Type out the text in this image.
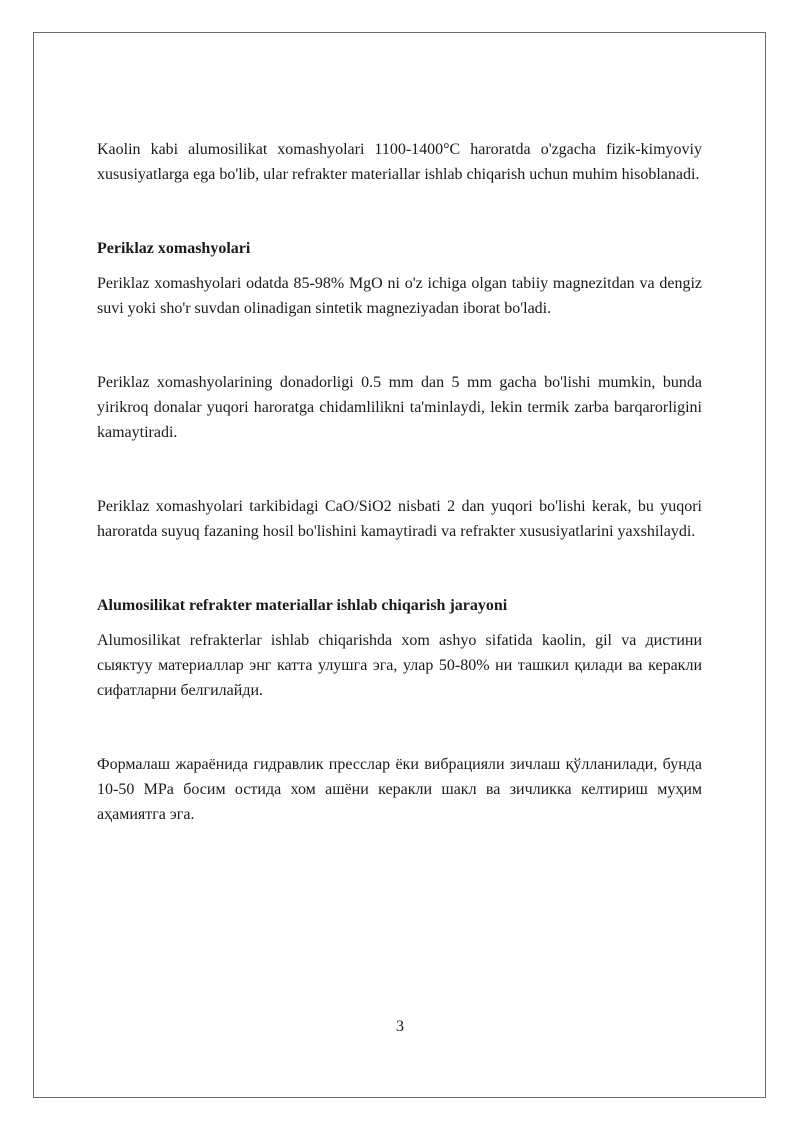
Kaolin kabi alumosilikat xomashyolari 1100-1400°C haroratda o'zgacha fizik-kimyoviy xususiyatlarga ega bo'lib, ular refrakter materiallar ishlab chiqarish uchun muhim hisoblanadi.

Periklaz xomashyolari

Periklaz xomashyolari odatda 85-98% MgO ni o'z ichiga olgan tabiiy magnezitdan va dengiz suvi yoki sho'r suvdan olinadigan sintetik magneziyadan iborat bo'ladi.

Periklaz xomashyolarining donadorligi 0.5 mm dan 5 mm gacha bo'lishi mumkin, bunda yirikroq donalar yuqori haroratga chidamlilikni ta'minlaydi, lekin termik zarba barqarorligini kamaytiradi.

Periklaz xomashyolari tarkibidagi CaO/SiO2 nisbati 2 dan yuqori bo'lishi kerak, bu yuqori haroratda suyuq fazaning hosil bo'lishini kamaytiradi va refrakter xususiyatlarini yaxshilaydi.

Alumosilikat refrakter materiallar ishlab chiqarish jarayoni

Alumosilikat refrakterlar ishlab chiqarishda xom ashyo sifatida kaolin, gil va дистини сыяктуу материаллар энг катта улушга эга, улар 50-80% ни ташкил қилади ва керакли сифатларни белгилайди.

Формалаш жараёнида гидравлик пресслар ёки вибрацияли зичлаш қўлланилади, бунда 10-50 MPa босим остида хом ашёни керакли шакл ва зичликка келтириш муҳим аҳамиятга эга.

3
